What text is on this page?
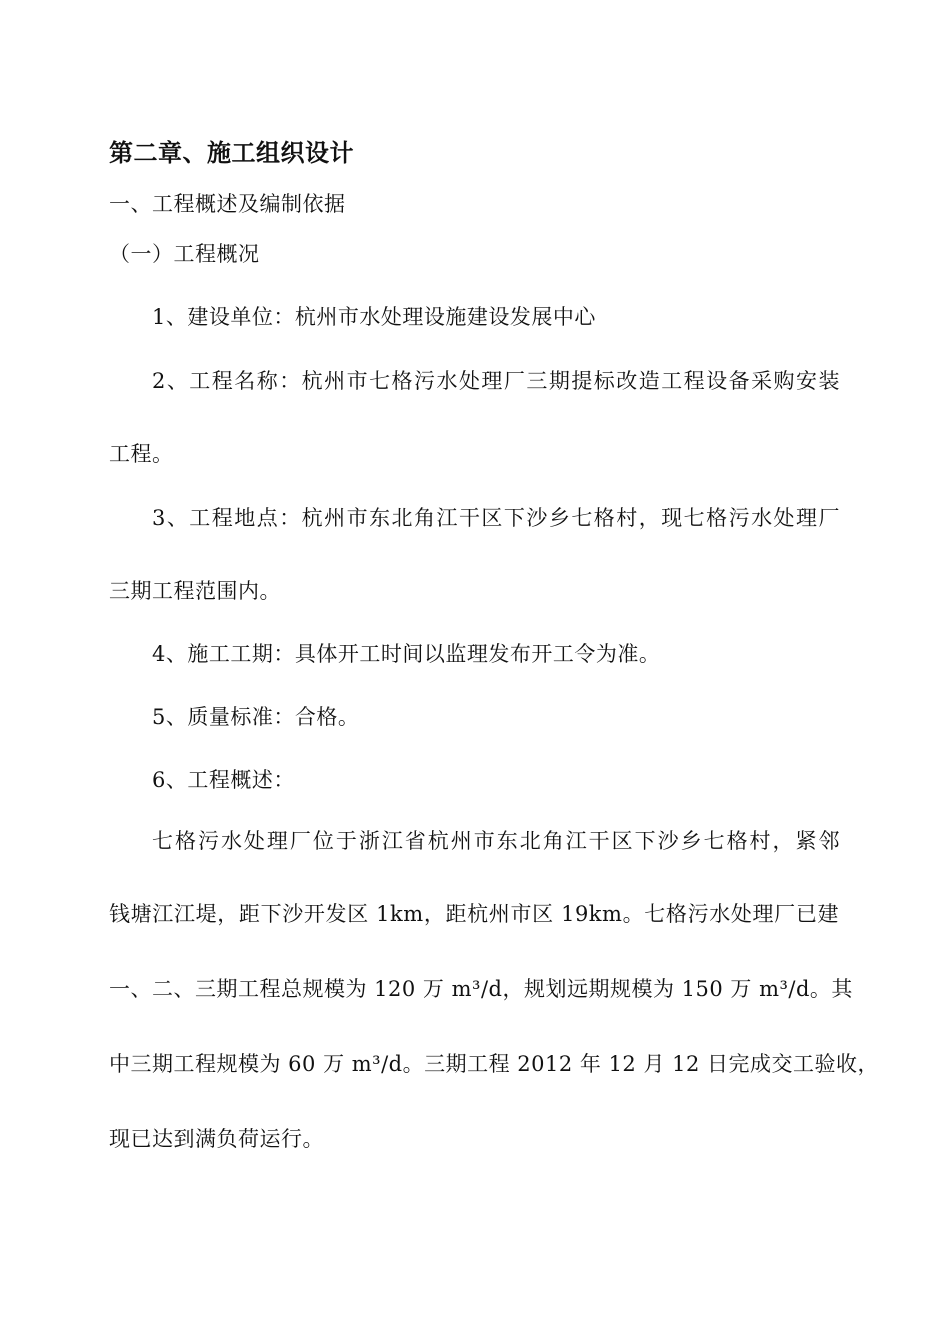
第二章、施工组织设计
一、工程概述及编制依据
（一）工程概况
1、建设单位：杭州市水处理设施建设发展中心
2、工程名称：杭州市七格污水处理厂三期提标改造工程设备采购安装
工程。
3、工程地点：杭州市东北角江干区下沙乡七格村，现七格污水处理厂
三期工程范围内。
4、施工工期：具体开工时间以监理发布开工令为准。
5、质量标准：合格。
6、工程概述：
七格污水处理厂位于浙江省杭州市东北角江干区下沙乡七格村，紧邻
钱塘江江堤，距下沙开发区 1km，距杭州市区 19km。七格污水处理厂已建
一、二、三期工程总规模为 120 万 m³/d，规划远期规模为 150 万 m³/d。其
中三期工程规模为 60 万 m³/d。三期工程 2012 年 12 月 12 日完成交工验收，
现已达到满负荷运行。
